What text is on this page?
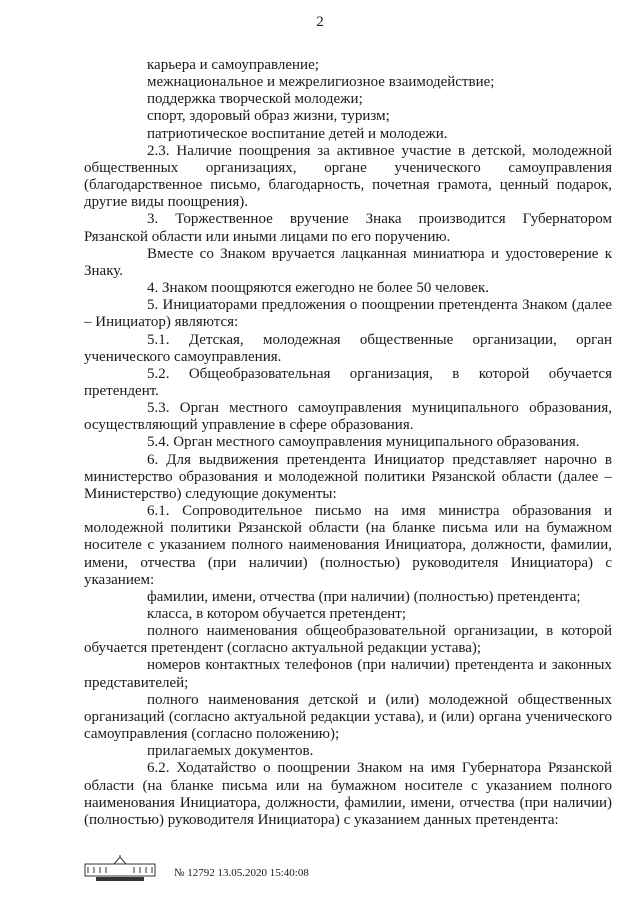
2

карьера и самоуправление;

межнациональное и межрелигиозное взаимодействие;

поддержка творческой молодежи;

спорт, здоровый образ жизни, туризм;

патриотическое воспитание детей и молодежи.

2.3. Наличие поощрения за активное участие в детской, молодежной общественных организациях, органе ученического самоуправления (благодарственное письмо, благодарность, почетная грамота, ценный подарок, другие виды поощрения).

3. Торжественное вручение Знака производится Губернатором Рязанской области или иными лицами по его поручению.

Вместе со Знаком вручается лацканная миниатюра и удостоверение к Знаку.

4. Знаком поощряются ежегодно не более 50 человек.

5. Инициаторами предложения о поощрении претендента Знаком (далее – Инициатор) являются:

5.1. Детская, молодежная общественные организации, орган ученического самоуправления.

5.2. Общеобразовательная организация, в которой обучается претендент.

5.3. Орган местного самоуправления муниципального образования, осуществляющий управление в сфере образования.

5.4. Орган местного самоуправления муниципального образования.

6. Для выдвижения претендента Инициатор представляет нарочно в министерство образования и молодежной политики Рязанской области (далее – Министерство) следующие документы:

6.1. Сопроводительное письмо на имя министра образования и молодежной политики Рязанской области (на бланке письма или на бумажном носителе с указанием полного наименования Инициатора, должности, фамилии, имени, отчества (при наличии) (полностью) руководителя Инициатора) с указанием:

фамилии, имени, отчества (при наличии) (полностью) претендента;

класса, в котором обучается претендент;

полного наименования общеобразовательной организации, в которой обучается претендент (согласно актуальной редакции устава);

номеров контактных телефонов (при наличии) претендента и законных представителей;

полного наименования детской и (или) молодежной общественных организаций (согласно актуальной редакции устава), и (или) органа ученического самоуправления (согласно положению);

прилагаемых документов.

6.2. Ходатайство о поощрении Знаком на имя Губернатора Рязанской области (на бланке письма или на бумажном носителе с указанием полного наименования Инициатора, должности, фамилии, имени, отчества (при наличии) (полностью) руководителя Инициатора) с указанием данных претендента:

№ 12792 13.05.2020 15:40:08
